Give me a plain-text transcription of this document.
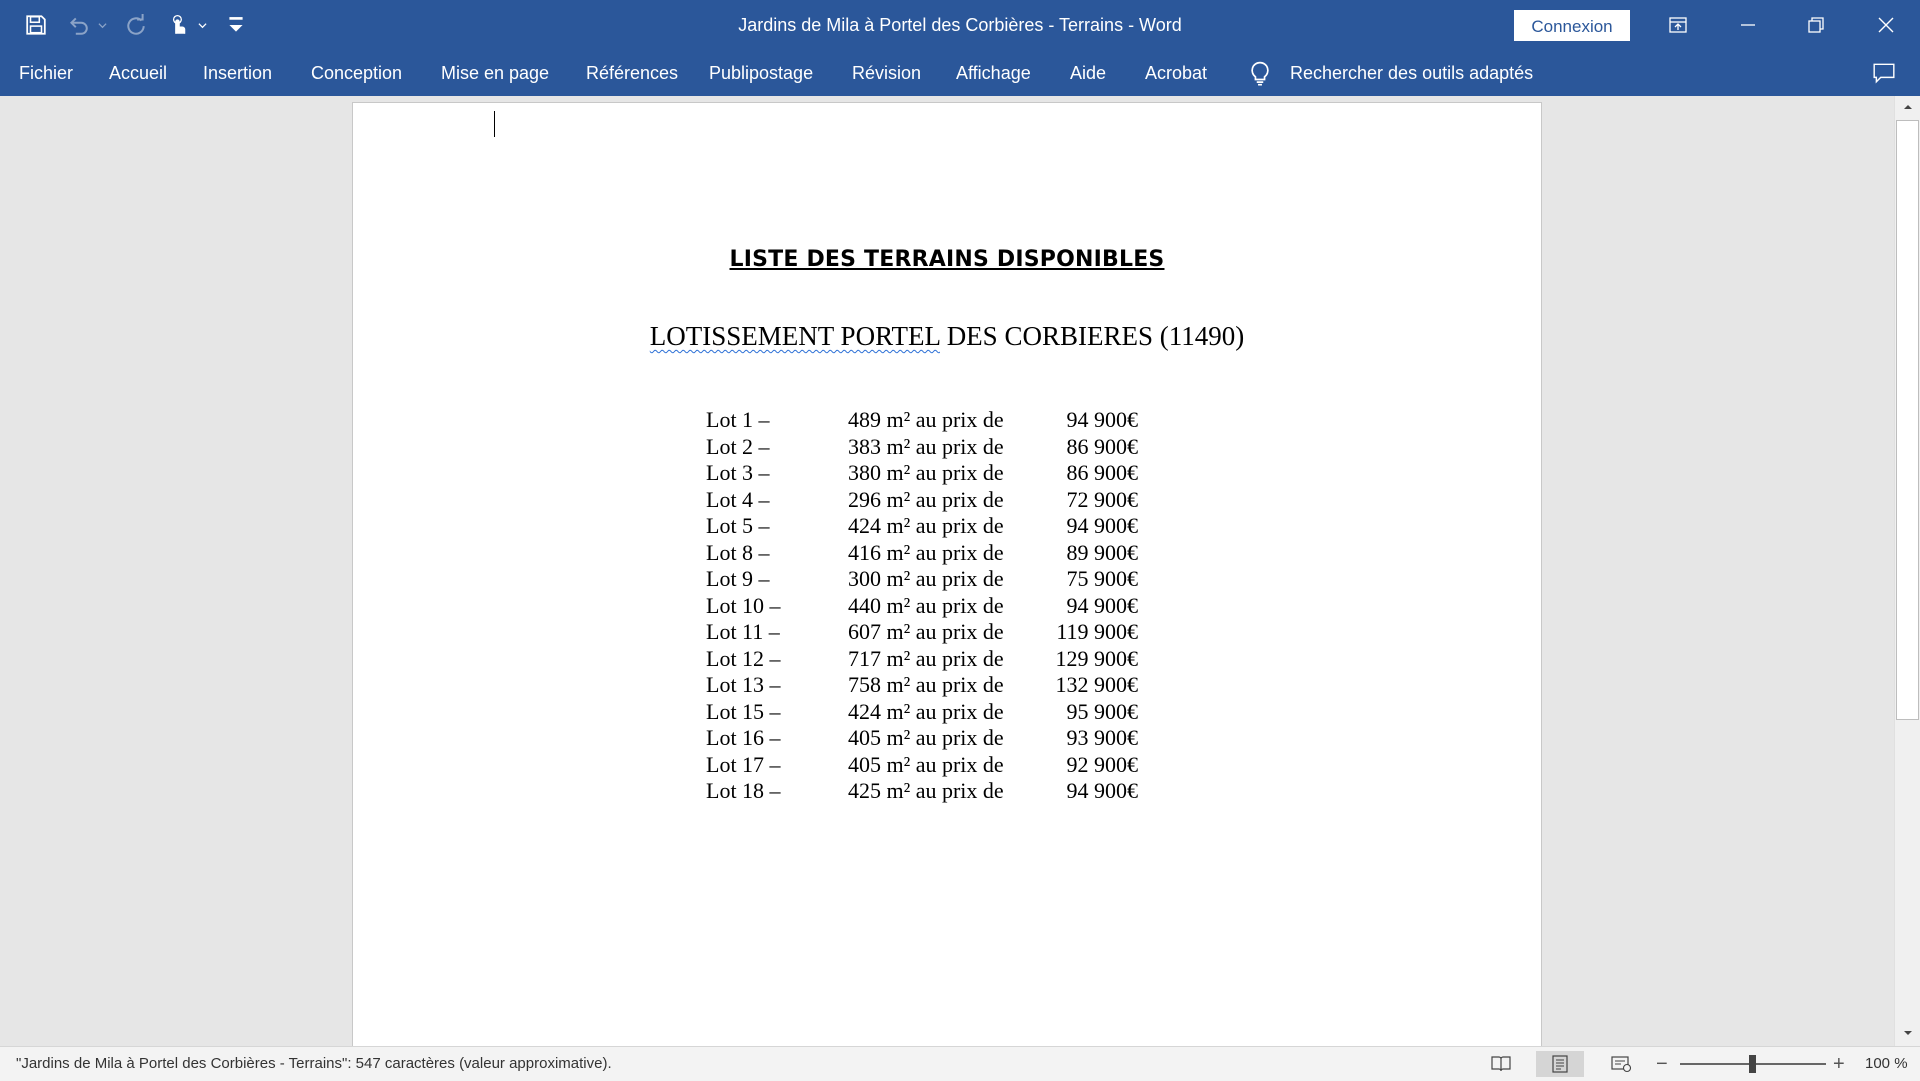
Jardins de Mila à Portel des Corbières - Terrains - Word	Connexion
Fichier Accueil Insertion Conception Mise en page Références Publipostage Révision Affichage Aide Acrobat	Rechercher des outils adaptés
LISTE DES TERRAINS DISPONIBLES
LOTISSEMENT PORTEL DES CORBIERES (11490)
Lot 1 –	489 m² au prix de	94 900€
Lot 2 –	383 m² au prix de	86 900€
Lot 3 –	380 m² au prix de	86 900€
Lot 4 –	296 m² au prix de	72 900€
Lot 5 –	424 m² au prix de	94 900€
Lot 8 –	416 m² au prix de	89 900€
Lot 9 –	300 m² au prix de	75 900€
Lot 10 –	440 m² au prix de	94 900€
Lot 11 –	607 m² au prix de 119 900€
Lot 12 –	717 m² au prix de 129 900€
Lot 13 –	758 m² au prix de 132 900€
Lot 15 –	424 m² au prix de	95 900€
Lot 16 –	405 m² au prix de	93 900€
Lot 17 –	405 m² au prix de	92 900€
Lot 18 –	425 m² au prix de	94 900€
"Jardins de Mila à Portel des Corbières - Terrains": 547 caractères (valeur approximative).	−	+ 100 %
